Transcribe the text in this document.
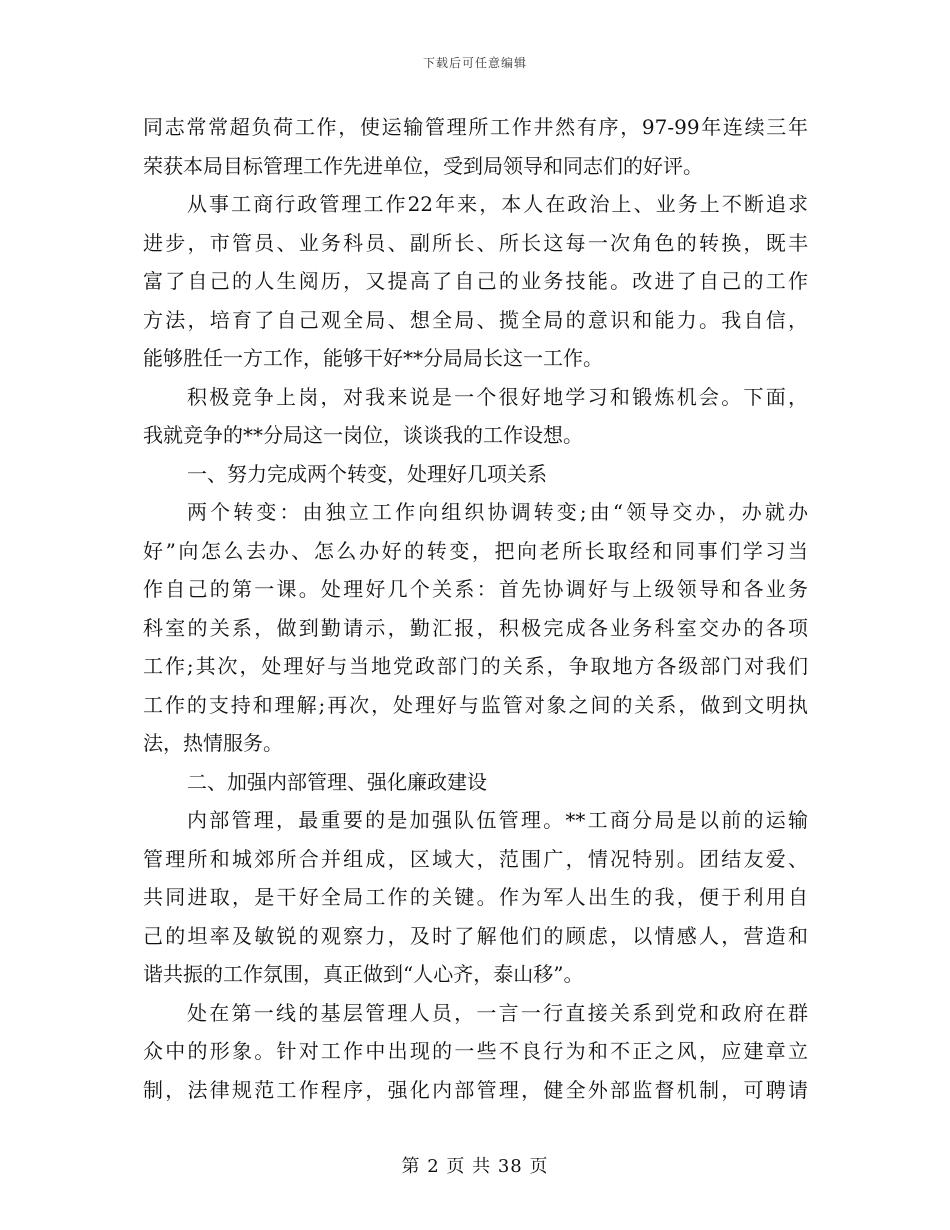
下载后可任意编辑
同志常常超负荷工作，使运输管理所工作井然有序，97-99年连续三年
荣获本局目标管理工作先进单位，受到局领导和同志们的好评。
从事工商行政管理工作22年来，本人在政治上、业务上不断追求
进步，市管员、业务科员、副所长、所长这每一次角色的转换，既丰
富了自己的人生阅历，又提高了自己的业务技能。改进了自己的工作
方法，培育了自己观全局、想全局、揽全局的意识和能力。我自信，
能够胜任一方工作，能够干好**分局局长这一工作。
积极竞争上岗，对我来说是一个很好地学习和锻炼机会。下面，
我就竞争的**分局这一岗位，谈谈我的工作设想。
一、努力完成两个转变，处理好几项关系
两个转变：由独立工作向组织协调转变;由“领导交办，办就办
好”向怎么去办、怎么办好的转变，把向老所长取经和同事们学习当
作自己的第一课。处理好几个关系：首先协调好与上级领导和各业务
科室的关系，做到勤请示，勤汇报，积极完成各业务科室交办的各项
工作;其次，处理好与当地党政部门的关系，争取地方各级部门对我们
工作的支持和理解;再次，处理好与监管对象之间的关系，做到文明执
法，热情服务。
二、加强内部管理、强化廉政建设
内部管理，最重要的是加强队伍管理。**工商分局是以前的运输
管理所和城郊所合并组成，区域大，范围广，情况特别。团结友爱、
共同进取，是干好全局工作的关键。作为军人出生的我，便于利用自
己的坦率及敏锐的观察力，及时了解他们的顾虑，以情感人，营造和
谐共振的工作氛围，真正做到“人心齐，泰山移”。
处在第一线的基层管理人员，一言一行直接关系到党和政府在群
众中的形象。针对工作中出现的一些不良行为和不正之风，应建章立
制，法律规范工作程序，强化内部管理，健全外部监督机制，可聘请
第 2 页 共 38 页
